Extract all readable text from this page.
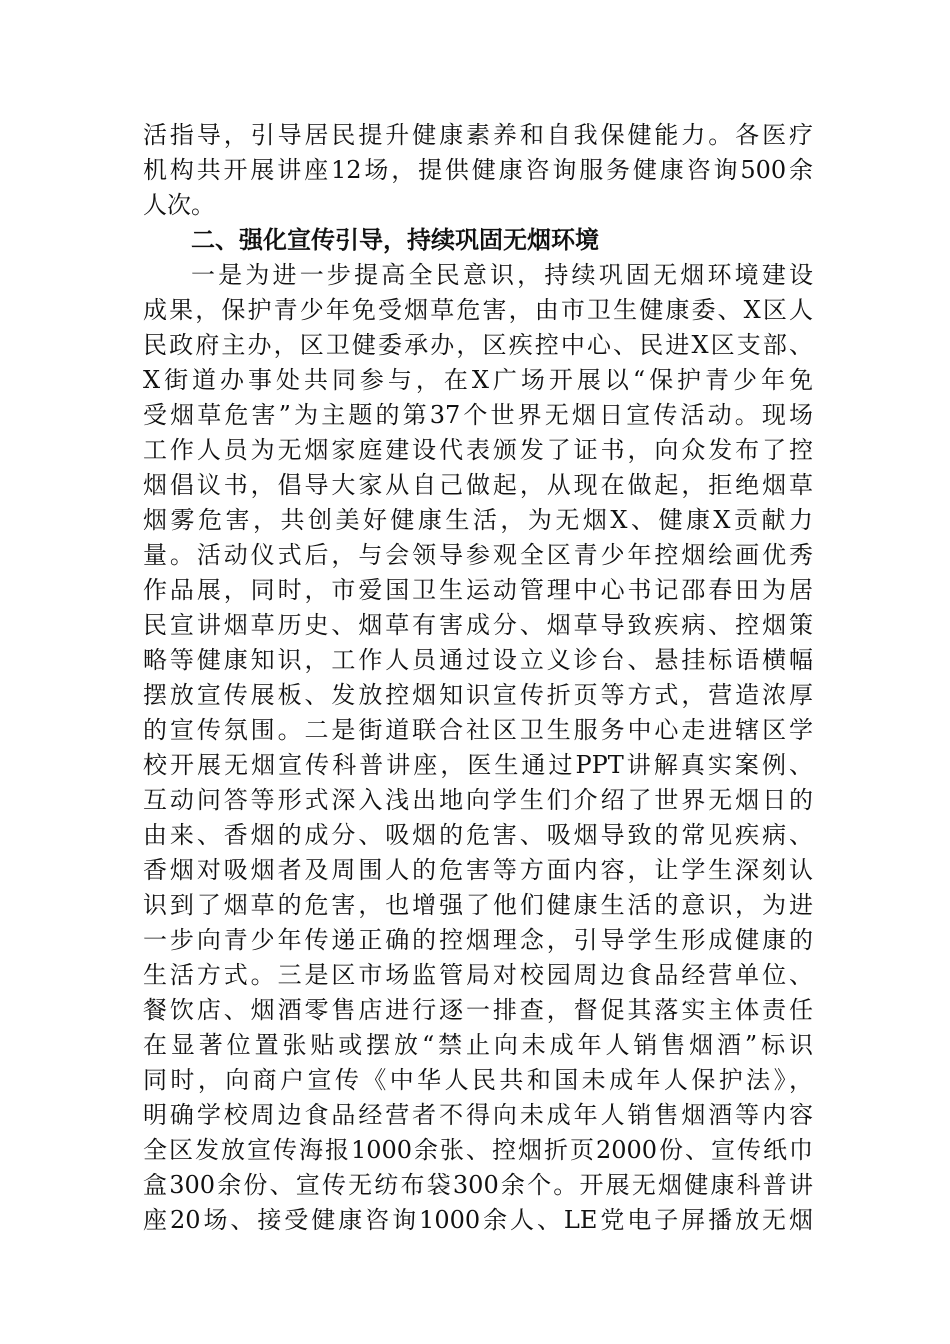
活指导，引导居民提升健康素养和自我保健能力。各医疗
机构共开展讲座12场，提供健康咨询服务健康咨询500余
人次。
二、强化宣传引导，持续巩固无烟环境
一是为进一步提高全民意识，持续巩固无烟环境建设
成果，保护青少年免受烟草危害，由市卫生健康委、X区人
民政府主办，区卫健委承办，区疾控中心、民进X区支部、
X街道办事处共同参与，在X广场开展以“保护青少年免
受烟草危害”为主题的第37个世界无烟日宣传活动。现场
工作人员为无烟家庭建设代表颁发了证书，向众发布了控
烟倡议书，倡导大家从自己做起，从现在做起，拒绝烟草
烟雾危害，共创美好健康生活，为无烟X、健康X贡献力
量。活动仪式后，与会领导参观全区青少年控烟绘画优秀
作品展，同时，市爱国卫生运动管理中心书记邵春田为居
民宣讲烟草历史、烟草有害成分、烟草导致疾病、控烟策
略等健康知识，工作人员通过设立义诊台、悬挂标语横幅
摆放宣传展板、发放控烟知识宣传折页等方式，营造浓厚
的宣传氛围。二是街道联合社区卫生服务中心走进辖区学
校开展无烟宣传科普讲座，医生通过PPT讲解真实案例、
互动问答等形式深入浅出地向学生们介绍了世界无烟日的
由来、香烟的成分、吸烟的危害、吸烟导致的常见疾病、
香烟对吸烟者及周围人的危害等方面内容，让学生深刻认
识到了烟草的危害，也增强了他们健康生活的意识，为进
一步向青少年传递正确的控烟理念，引导学生形成健康的
生活方式。三是区市场监管局对校园周边食品经营单位、
餐饮店、烟酒零售店进行逐一排查，督促其落实主体责任
在显著位置张贴或摆放“禁止向未成年人销售烟酒”标识
同时，向商户宣传《中华人民共和国未成年人保护法》，
明确学校周边食品经营者不得向未成年人销售烟酒等内容
全区发放宣传海报1000余张、控烟折页2000份、宣传纸巾
盒300余份、宣传无纺布袋300余个。开展无烟健康科普讲
座20场、接受健康咨询1000余人、LE党电子屏播放无烟
